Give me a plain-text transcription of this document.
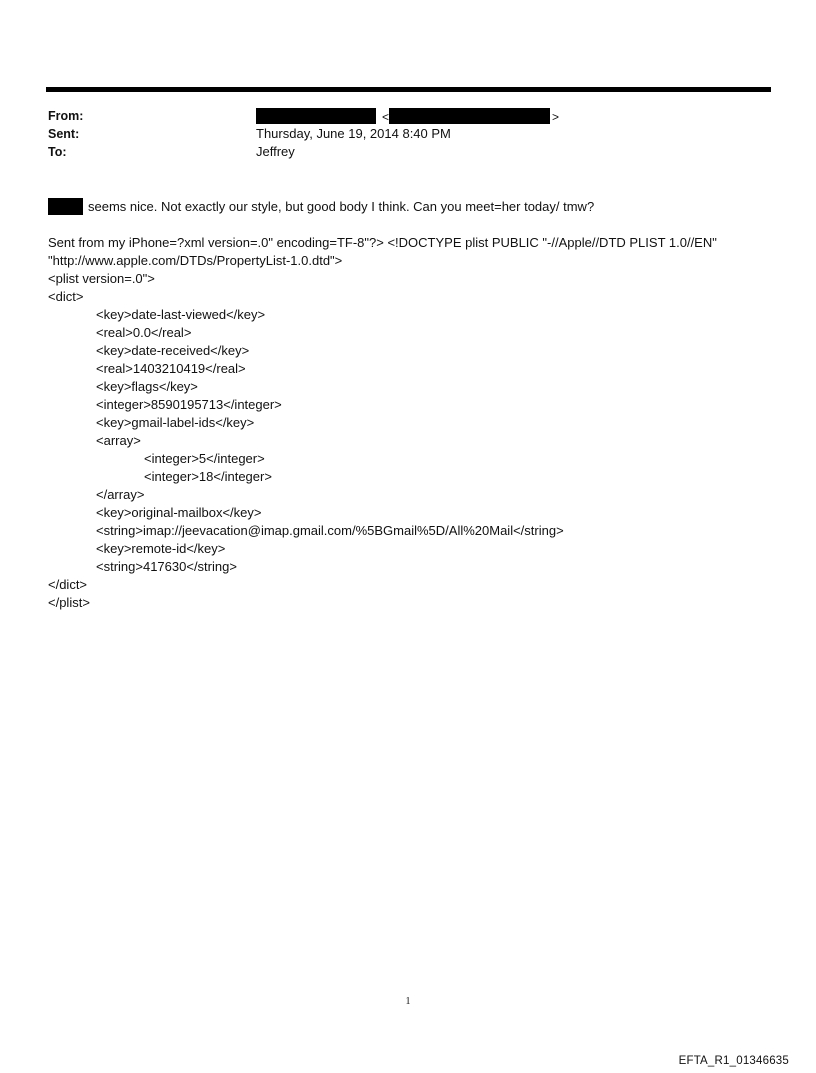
From:	<	>
Sent:	Thursday, June 19, 2014 8:40 PM
To:	Jeffrey
seems nice. Not exactly our style, but good body I think. Can you meet=her today/ tmw?
Sent from my iPhone=?xml version=.0" encoding=TF-8"?> <!DOCTYPE plist PUBLIC "-//Apple//DTD PLIST 1.0//EN"
"http://www.apple.com/DTDs/PropertyList-1.0.dtd">
<plist version=.0">
<dict>
<key>date-last-viewed</key>
<real>0.0</real>
<key>date-received</key>
<real>1403210419</real>
<key>flags</key>
<integer>8590195713</integer>
<key>gmail-label-ids</key>
<array>
<integer>5</integer>
<integer>18</integer>
</array>
<key>original-mailbox</key>
<string>imap://jeevacation@imap.gmail.com/%5BGmail%5D/All%20Mail</string>
<key>remote-id</key>
<string>417630</string>
</dict>
</plist>
1
EFTA_R1_01346635
